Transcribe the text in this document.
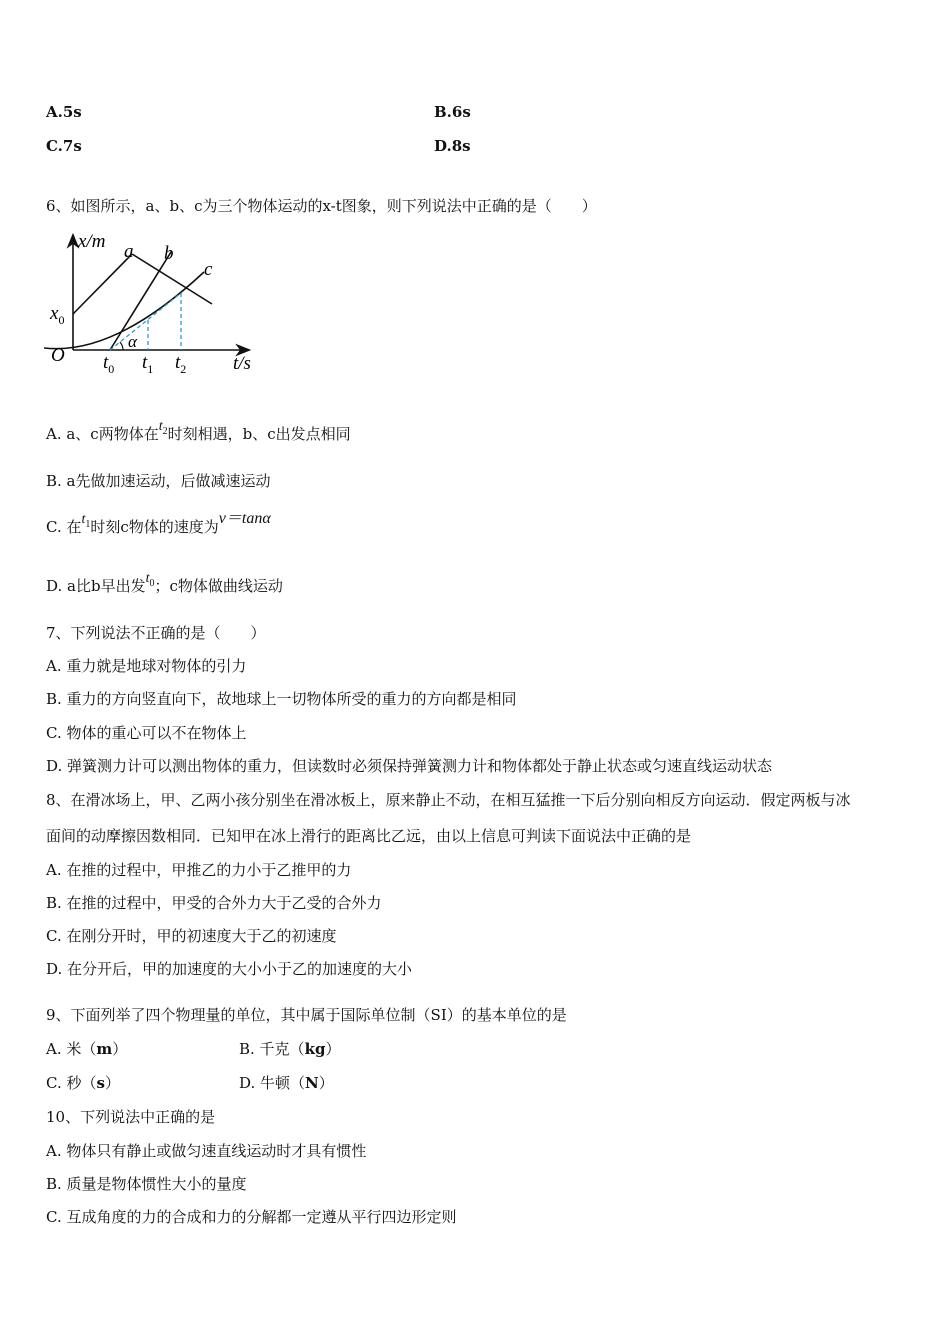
A.5s	B.6s
C.7s	D.8s
6、如图所示，a、b、c为三个物体运动的x-t图象，则下列说法中正确的是（　　）
x/m
t/s
O
$x_0$
a b
c
α
$t_0$ $t_1$ $t_2$
A. a、c两物体在$t_2$时刻相遇，b、c出发点相同
B. a先做加速运动，后做减速运动
C. 在$t_1$时刻c物体的速度为v＝tanα
D. a比b早出发$t_0$；c物体做曲线运动
7、下列说法不正确的是（　　）
A. 重力就是地球对物体的引力
B. 重力的方向竖直向下，故地球上一切物体所受的重力的方向都是相同
C. 物体的重心可以不在物体上
D. 弹簧测力计可以测出物体的重力，但读数时必须保持弹簧测力计和物体都处于静止状态或匀速直线运动状态
8、在滑冰场上，甲、乙两小孩分别坐在滑冰板上，原来静止不动，在相互猛推一下后分别向相反方向运动．假定两板与冰
面间的动摩擦因数相同．已知甲在冰上滑行的距离比乙远，由以上信息可判读下面说法中正确的是
A. 在推的过程中，甲推乙的力小于乙推甲的力
B. 在推的过程中，甲受的合外力大于乙受的合外力
C. 在刚分开时，甲的初速度大于乙的初速度
D. 在分开后，甲的加速度的大小小于乙的加速度的大小
9、下面列举了四个物理量的单位，其中属于国际单位制（SI）的基本单位的是
A. 米（m）	B. 千克（kg）
C. 秒（s）	D. 牛顿（N）
10、下列说法中正确的是
A. 物体只有静止或做匀速直线运动时才具有惯性
B. 质量是物体惯性大小的量度
C. 互成角度的力的合成和力的分解都一定遵从平行四边形定则
